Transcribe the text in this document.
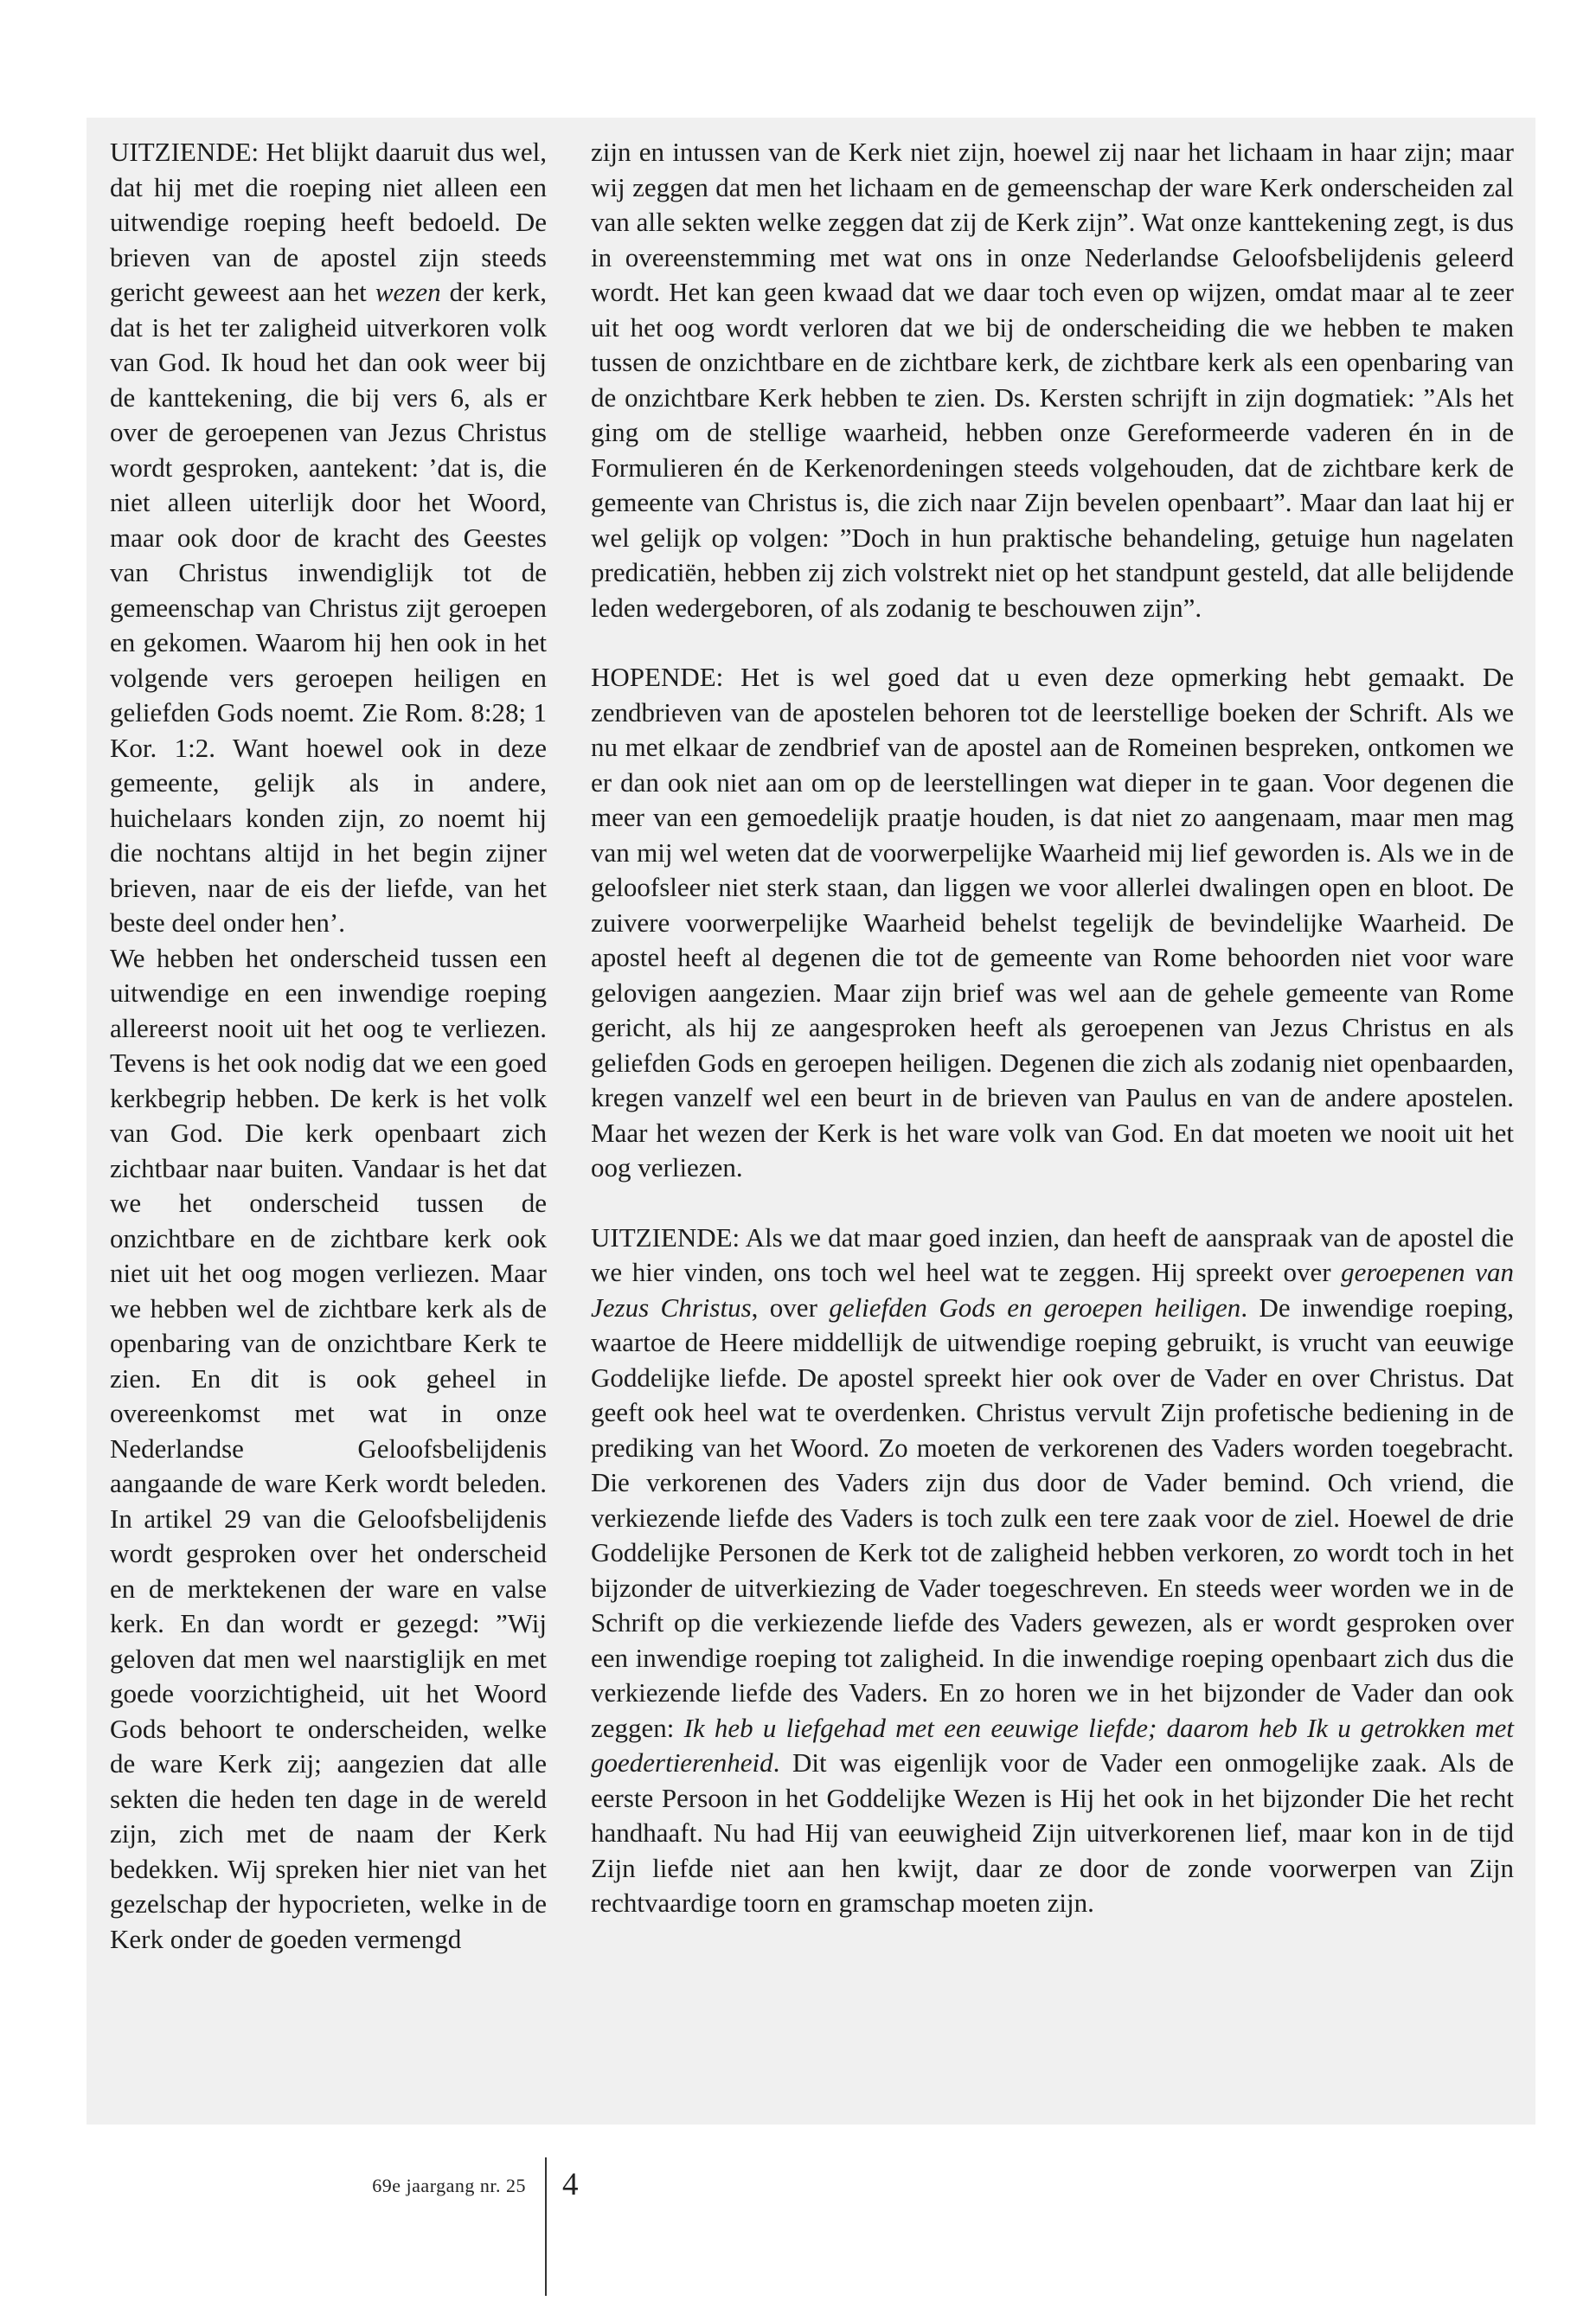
UITZIENDE: Het blijkt daaruit dus wel, dat hij met die roeping niet alleen een uitwendige roeping heeft bedoeld. De brieven van de apostel zijn steeds gericht geweest aan het wezen der kerk, dat is het ter zaligheid uitverkoren volk van God. Ik houd het dan ook weer bij de kanttekening, die bij vers 6, als er over de geroepenen van Jezus Christus wordt gesproken, aantekent: ’dat is, die niet alleen uiterlijk door het Woord, maar ook door de kracht des Geestes van Christus inwendiglijk tot de gemeenschap van Christus zijt geroepen en gekomen. Waarom hij hen ook in het volgende vers geroepen heiligen en geliefden Gods noemt. Zie Rom. 8:28; 1 Kor. 1:2. Want hoewel ook in deze gemeente, gelijk als in andere, huichelaars konden zijn, zo noemt hij die nochtans altijd in het begin zijner brieven, naar de eis der liefde, van het beste deel onder hen’.

We hebben het onderscheid tussen een uitwendige en een inwendige roeping allereerst nooit uit het oog te verliezen. Tevens is het ook nodig dat we een goed kerkbegrip hebben. De kerk is het volk van God. Die kerk openbaart zich zichtbaar naar buiten. Vandaar is het dat we het onderscheid tussen de onzichtbare en de zichtbare kerk ook niet uit het oog mogen verliezen. Maar we hebben wel de zichtbare kerk als de openbaring van de onzichtbare Kerk te zien. En dit is ook geheel in overeenkomst met wat in onze Nederlandse Geloofsbelijdenis aangaande de ware Kerk wordt beleden. In artikel 29 van die Geloofsbelijdenis wordt gesproken over het onderscheid en de merktekenen der ware en valse kerk. En dan wordt er gezegd: ”Wij geloven dat men wel naarstiglijk en met goede voorzichtigheid, uit het Woord Gods behoort te onderscheiden, welke de ware Kerk zij; aangezien dat alle sekten die heden ten dage in de wereld zijn, zich met de naam der Kerk bedekken. Wij spreken hier niet van het gezelschap der hypocrieten, welke in de Kerk onder de goeden vermengd

zijn en intussen van de Kerk niet zijn, hoewel zij naar het lichaam in haar zijn; maar wij zeggen dat men het lichaam en de gemeenschap der ware Kerk onderscheiden zal van alle sekten welke zeggen dat zij de Kerk zijn”. Wat onze kanttekening zegt, is dus in overeenstemming met wat ons in onze Nederlandse Geloofsbelijdenis geleerd wordt. Het kan geen kwaad dat we daar toch even op wijzen, omdat maar al te zeer uit het oog wordt verloren dat we bij de onderscheiding die we hebben te maken tussen de onzichtbare en de zichtbare kerk, de zichtbare kerk als een openbaring van de onzichtbare Kerk hebben te zien. Ds. Kersten schrijft in zijn dogmatiek: ”Als het ging om de stellige waarheid, hebben onze Gereformeerde vaderen én in de Formulieren én de Kerkenordeningen steeds volgehouden, dat de zichtbare kerk de gemeente van Christus is, die zich naar Zijn bevelen openbaart”. Maar dan laat hij er wel gelijk op volgen: ”Doch in hun praktische behandeling, getuige hun nagelaten predicatiën, hebben zij zich volstrekt niet op het standpunt gesteld, dat alle belijdende leden wedergeboren, of als zodanig te beschouwen zijn”.

HOPENDE: Het is wel goed dat u even deze opmerking hebt gemaakt. De zendbrieven van de apostelen behoren tot de leerstellige boeken der Schrift. Als we nu met elkaar de zendbrief van de apostel aan de Romeinen bespreken, ontkomen we er dan ook niet aan om op de leerstellingen wat dieper in te gaan. Voor degenen die meer van een gemoedelijk praatje houden, is dat niet zo aangenaam, maar men mag van mij wel weten dat de voorwerpelijke Waarheid mij lief geworden is. Als we in de geloofsleer niet sterk staan, dan liggen we voor allerlei dwalingen open en bloot. De zuivere voorwerpelijke Waarheid behelst tegelijk de bevindelijke Waarheid. De apostel heeft al degenen die tot de gemeente van Rome behoorden niet voor ware gelovigen aangezien. Maar zijn brief was wel aan de gehele gemeente van Rome gericht, als hij ze aangesproken heeft als geroepenen van Jezus Christus en als geliefden Gods en geroepen heiligen. Degenen die zich als zodanig niet openbaarden, kregen vanzelf wel een beurt in de brieven van Paulus en van de andere apostelen. Maar het wezen der Kerk is het ware volk van God. En dat moeten we nooit uit het oog verliezen.

UITZIENDE: Als we dat maar goed inzien, dan heeft de aanspraak van de apostel die we hier vinden, ons toch wel heel wat te zeggen. Hij spreekt over geroepenen van Jezus Christus, over geliefden Gods en geroepen heiligen. De inwendige roeping, waartoe de Heere middellijk de uitwendige roeping gebruikt, is vrucht van eeuwige Goddelijke liefde. De apostel spreekt hier ook over de Vader en over Christus. Dat geeft ook heel wat te overdenken. Christus vervult Zijn profetische bediening in de prediking van het Woord. Zo moeten de verkorenen des Vaders worden toegebracht. Die verkorenen des Vaders zijn dus door de Vader bemind. Och vriend, die verkiezende liefde des Vaders is toch zulk een tere zaak voor de ziel. Hoewel de drie Goddelijke Personen de Kerk tot de zaligheid hebben verkoren, zo wordt toch in het bijzonder de uitverkiezing de Vader toegeschreven. En steeds weer worden we in de Schrift op die verkiezende liefde des Vaders gewezen, als er wordt gesproken over een inwendige roeping tot zaligheid. In die inwendige roeping openbaart zich dus die verkiezende liefde des Vaders. En zo horen we in het bijzonder de Vader dan ook zeggen: Ik heb u liefgehad met een eeuwige liefde; daarom heb Ik u getrokken met goedertierenheid. Dit was eigenlijk voor de Vader een onmogelijke zaak. Als de eerste Persoon in het Goddelijke Wezen is Hij het ook in het bijzonder Die het recht handhaaft. Nu had Hij van eeuwigheid Zijn uitverkorenen lief, maar kon in de tijd Zijn liefde niet aan hen kwijt, daar ze door de zonde voorwerpen van Zijn rechtvaardige toorn en gramschap moeten zijn.

69e jaargang nr. 25 4
